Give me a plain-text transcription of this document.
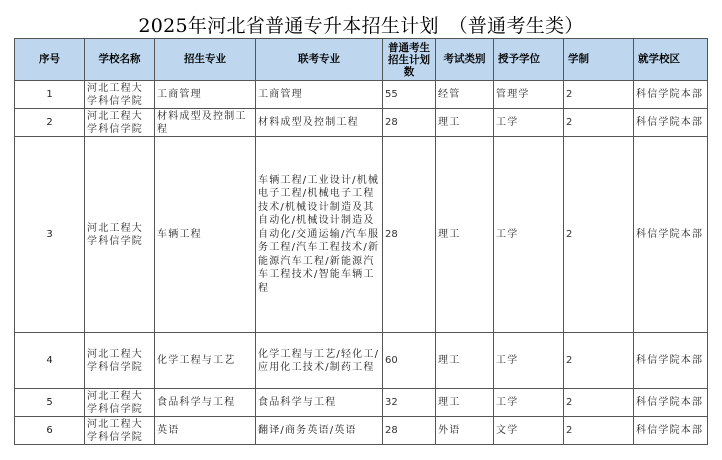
2025年河北省普通专升本招生计划　（普通考生类）
序号	学校名称	招生专业	联考专业	普通考生招生计划数	考试类别	授予学位	学制	就学校区
1	河北工程大学科信学院	工商管理	工商管理	55	经管	管理学	2	科信学院本部
2	河北工程大学科信学院	材料成型及控制工程	材料成型及控制工程	28	理工	工学	2	科信学院本部
3	河北工程大学科信学院	车辆工程	车辆工程/工业设计/机械电子工程/机械电子工程技术/机械设计制造及其自动化/机械设计制造及自动化/交通运输/汽车服务工程/汽车工程技术/新能源汽车工程/新能源汽车工程技术/智能车辆工程	28	理工	工学	2	科信学院本部
4	河北工程大学科信学院	化学工程与工艺	化学工程与工艺/轻化工/应用化工技术/制药工程	60	理工	工学	2	科信学院本部
5	河北工程大学科信学院	食品科学与工程	食品科学与工程	32	理工	工学	2	科信学院本部
6	河北工程大学科信学院	英语	翻译/商务英语/英语	28	外语	文学	2	科信学院本部
